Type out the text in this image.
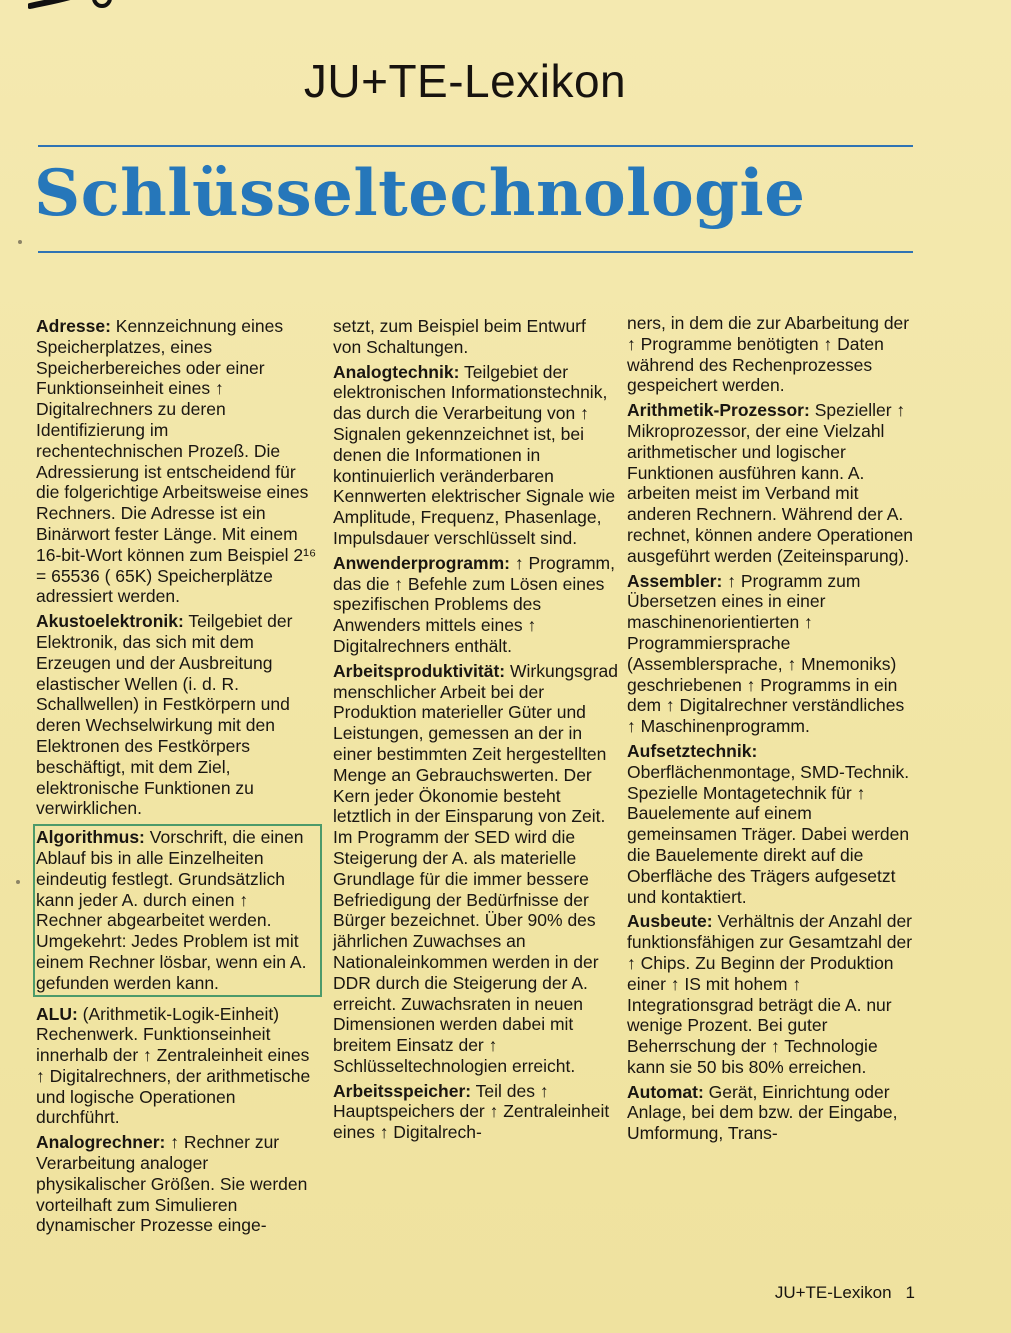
JU+TE-Lexikon
Schlüsseltechnologie

Adresse: Kennzeichnung eines Speicherplatzes, eines Speicherbereiches oder einer Funktionseinheit eines ↑ Digitalrechners zu deren Identifizierung im rechentechnischen Prozeß. Die Adressierung ist entscheidend für die folgerichtige Arbeitsweise eines Rechners. Die Adresse ist ein Binärwort fester Länge. Mit einem 16-bit-Wort können zum Beispiel 2¹⁶ = 65536 ( 65K) Speicherplätze adressiert werden.

Akustoelektronik: Teilgebiet der Elektronik, das sich mit dem Erzeugen und der Ausbreitung elastischer Wellen (i. d. R. Schallwellen) in Festkörpern und deren Wechselwirkung mit den Elektronen des Festkörpers beschäftigt, mit dem Ziel, elektronische Funktionen zu verwirklichen.

Algorithmus: Vorschrift, die einen Ablauf bis in alle Einzelheiten eindeutig festlegt. Grundsätzlich kann jeder A. durch einen ↑ Rechner abgearbeitet werden. Umgekehrt: Jedes Problem ist mit einem Rechner lösbar, wenn ein A. gefunden werden kann.

ALU: (Arithmetik-Logik-Einheit) Rechenwerk. Funktionseinheit innerhalb der ↑ Zentraleinheit eines ↑ Digitalrechners, der arithmetische und logische Operationen durchführt.

Analogrechner: ↑ Rechner zur Verarbeitung analoger physikalischer Größen. Sie werden vorteilhaft zum Simulieren dynamischer Prozesse einge-

setzt, zum Beispiel beim Entwurf von Schaltungen.

Analogtechnik: Teilgebiet der elektronischen Informationstechnik, das durch die Verarbeitung von ↑ Signalen gekennzeichnet ist, bei denen die Informationen in kontinuierlich veränderbaren Kennwerten elektrischer Signale wie Amplitude, Frequenz, Phasenlage, Impulsdauer verschlüsselt sind.

Anwenderprogramm: ↑ Programm, das die ↑ Befehle zum Lösen eines spezifischen Problems des Anwenders mittels eines ↑ Digitalrechners enthält.

Arbeitsproduktivität: Wirkungsgrad menschlicher Arbeit bei der Produktion materieller Güter und Leistungen, gemessen an der in einer bestimmten Zeit hergestellten Menge an Gebrauchswerten. Der Kern jeder Ökonomie besteht letztlich in der Einsparung von Zeit. Im Programm der SED wird die Steigerung der A. als materielle Grundlage für die immer bessere Befriedigung der Bedürfnisse der Bürger bezeichnet. Über 90% des jährlichen Zuwachses an Nationaleinkommen werden in der DDR durch die Steigerung der A. erreicht. Zuwachsraten in neuen Dimensionen werden dabei mit breitem Einsatz der ↑ Schlüsseltechnologien erreicht.

Arbeitsspeicher: Teil des ↑ Hauptspeichers der ↑ Zentraleinheit eines ↑ Digitalrech-

ners, in dem die zur Abarbeitung der ↑ Programme benötigten ↑ Daten während des Rechenprozesses gespeichert werden.

Arithmetik-Prozessor: Spezieller ↑ Mikroprozessor, der eine Vielzahl arithmetischer und logischer Funktionen ausführen kann. A. arbeiten meist im Verband mit anderen Rechnern. Während der A. rechnet, können andere Operationen ausgeführt werden (Zeiteinsparung).

Assembler: ↑ Programm zum Übersetzen eines in einer maschinenorientierten ↑ Programmiersprache (Assemblersprache, ↑ Mnemoniks) geschriebenen ↑ Programms in ein dem ↑ Digitalrechner verständliches ↑ Maschinenprogramm.

Aufsetztechnik: Oberflächenmontage, SMD-Technik. Spezielle Montagetechnik für ↑ Bauelemente auf einem gemeinsamen Träger. Dabei werden die Bauelemente direkt auf die Oberfläche des Trägers aufgesetzt und kontaktiert.

Ausbeute: Verhältnis der Anzahl der funktionsfähigen zur Gesamtzahl der ↑ Chips. Zu Beginn der Produktion einer ↑ IS mit hohem ↑ Integrationsgrad beträgt die A. nur wenige Prozent. Bei guter Beherrschung der ↑ Technologie kann sie 50 bis 80% erreichen.

Automat: Gerät, Einrichtung oder Anlage, bei dem bzw. der Eingabe, Umformung, Trans-

JU+TE-Lexikon 1
